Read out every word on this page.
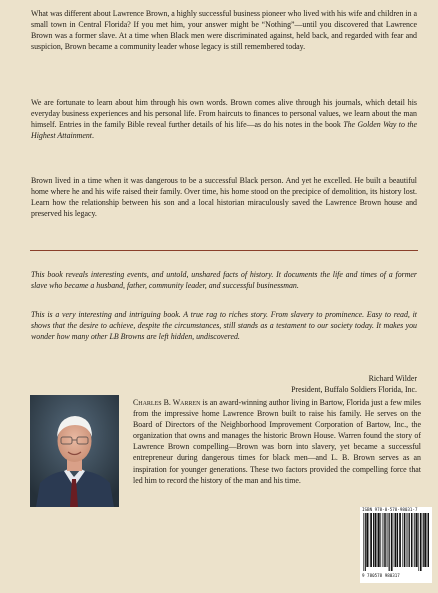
What was different about Lawrence Brown, a highly successful business pioneer who lived with his wife and children in a small town in Central Florida? If you met him, your answer might be “Nothing”—until you discovered that Lawrence Brown was a former slave. At a time when Black men were discriminated against, held back, and regarded with fear and suspicion, Brown became a community leader whose legacy is still remembered today.

We are fortunate to learn about him through his own words. Brown comes alive through his journals, which detail his everyday business experiences and his personal life. From haircuts to finances to personal values, we learn about the man himself. Entries in the family Bible reveal further details of his life—as do his notes in the book The Golden Way to the Highest Attainment.

Brown lived in a time when it was dangerous to be a successful Black person. And yet he excelled. He built a beautiful home where he and his wife raised their family. Over time, his home stood on the precipice of demolition, its history lost. Learn how the relationship between his son and a local historian miraculously saved the Lawrence Brown house and preserved his legacy.

This book reveals interesting events, and untold, unshared facts of history. It documents the life and times of a former slave who became a husband, father, community leader, and successful businessman.

This is a very interesting and intriguing book. A true rag to riches story. From slavery to prominence. Easy to read, it shows that the desire to achieve, despite the circumstances, still stands as a testament to our society today. It makes you wonder how many other LB Browns are left hidden, undiscovered.

Richard Wilder
President, Buffalo Soldiers Florida, Inc.

Charles B. Warren is an award-winning author living in Bartow, Florida just a few miles from the impressive home Lawrence Brown built to raise his family. He serves on the Board of Directors of the Neighborhood Improvement Corporation of Bartow, Inc., the organization that owns and manages the historic Brown House. Warren found the story of Lawrence Brown compelling—Brown was born into slavery, yet became a successful entrepreneur during dangerous times for black men—and L. B. Brown serves as an inspiration for younger generations. These two factors provided the compelling force that led him to record the history of the man and his time.

ISBN 978-0-578-98031-7
9 780578 980317
